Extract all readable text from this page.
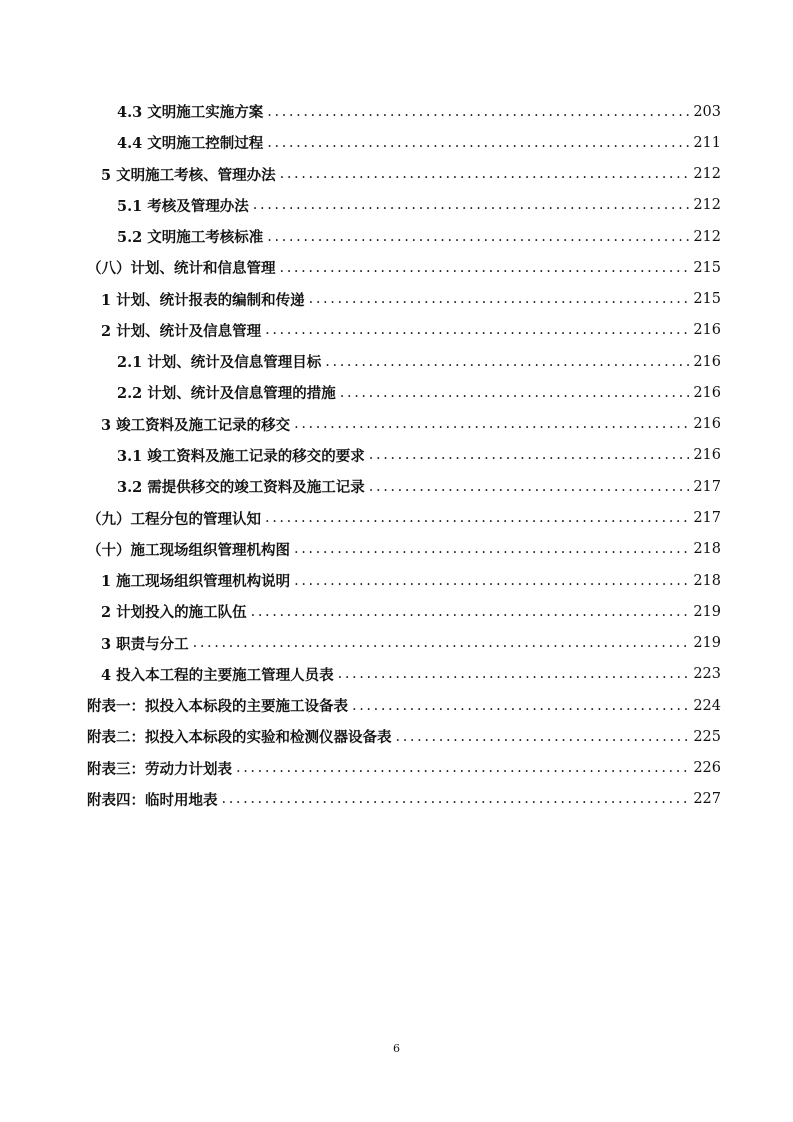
4.3 文明施工实施方案 .....	203
4.4 文明施工控制过程 .....	211
5 文明施工考核、管理办法 .....	212
5.1 考核及管理办法 .....	212
5.2 文明施工考核标准 .....	212
（八）计划、统计和信息管理 .....	215
1 计划、统计报表的编制和传递 .....	215
2 计划、统计及信息管理 .....	216
2.1 计划、统计及信息管理目标 .....	216
2.2 计划、统计及信息管理的措施 .....	216
3 竣工资料及施工记录的移交 .....	216
3.1 竣工资料及施工记录的移交的要求 .....	216
3.2 需提供移交的竣工资料及施工记录 .....	217
（九）工程分包的管理认知 .....	217
（十）施工现场组织管理机构图 .....	218
1 施工现场组织管理机构说明 .....	218
2 计划投入的施工队伍 .....	219
3 职责与分工 .....	219
4 投入本工程的主要施工管理人员表 .....	223
附表一：拟投入本标段的主要施工设备表 .....	224
附表二：拟投入本标段的实验和检测仪器设备表 .....	225
附表三：劳动力计划表 .....	226
附表四：临时用地表 .....	227
6
